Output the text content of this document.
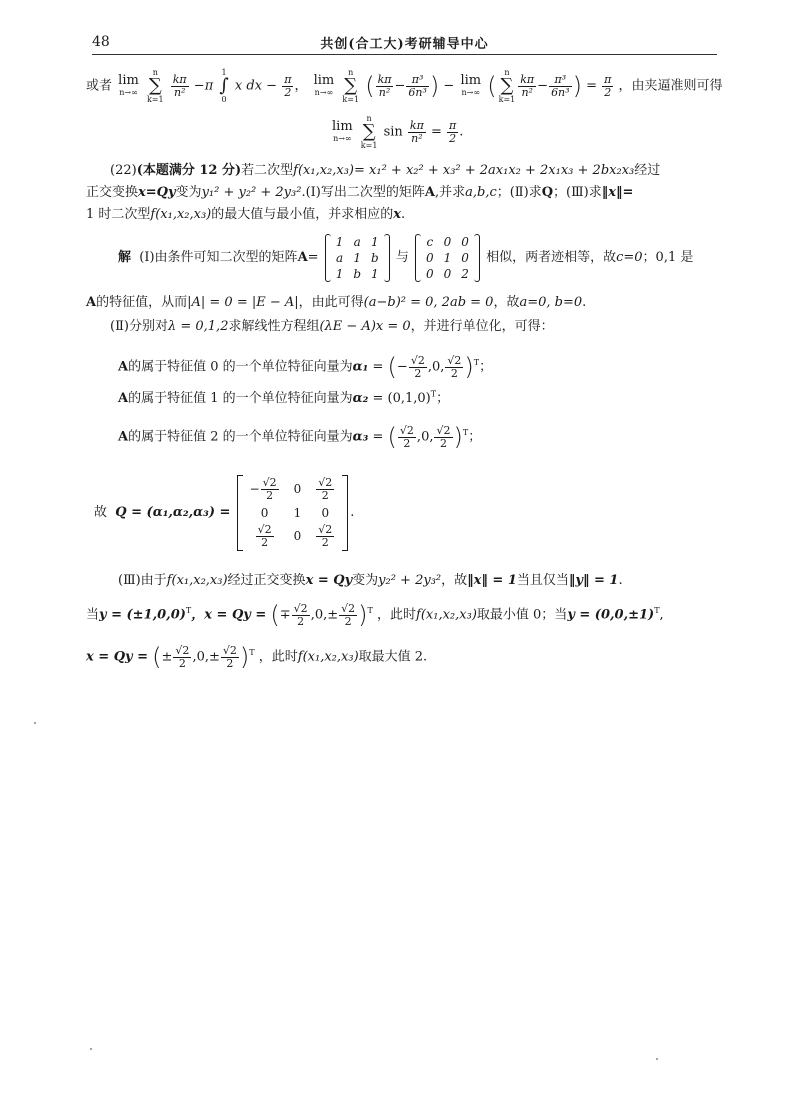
48	共创(合工大)考研辅导中心
或者 lim
n→∞ n
∑
k=1
$\frac{k\pi}{\text{n²}} -\pi$ 1
∫
0 x dx − $\frac{\pi}{2}$ ， lim
n→∞ n
∑
k=1 ( $\frac{k\pi}{\text{n²}} - \frac{\text{π³}}{\text{6n³}}$ ) − lim
n→∞ ( n
∑
k=1
$\frac{k\pi}{\text{n²}} - \frac{\text{π³}}{\text{6n³}}$ ) = $\frac{\pi}{2}$ ，由夹逼准则可得
lim
n→∞ n
∑
k=1 $\sin \frac{k\pi}{\text{n²}} = \frac{\pi}{2}$ .
(22)(本题满分 12 分)若二次型f(x₁,x₂,x₃)= x₁² + x₂² + x₃² + 2ax₁x₂ + 2x₁x₃ + 2bx₂x₃经过
正交变换x=Qy变为y₁² + y₂² + 2y₃².(Ⅰ)写出二次型的矩阵A,并求a,b,c；(Ⅱ)求Q；(Ⅲ)求‖x‖=
1 时二次型f(x₁,x₂,x₃)的最大值与最小值，并求相应的x.
解 (Ⅰ)由条件可知二次型的矩阵A=
1	a	1
a	1	b
1	b	1
与
c	0	0
0	1	0
0	0	2
相似，两者迹相等，故c=0；0,1 是
A的特征值，从而|A| = 0 = |E − A|，由此可得(a−b)² = 0, 2ab = 0，故a=0, b=0.
(Ⅱ)分别对λ = 0,1,2求解线性方程组(λE − A)x = 0，并进行单位化，可得：
A的属于特征值 0 的一个单位特征向量为α₁ = (− $\frac{√2}{2} ,0$, $\frac{√2}{2} )^T$；
A的属于特征值 1 的一个单位特征向量为$\alpha_2 = (0,1,0)^T$；
A的属于特征值 2 的一个单位特征向量为α₃ = ( $\frac{√2}{2} ,0$, $\frac{√2}{2} )^T$；
故 Q = (α₁,α₂,α₃) =
− $\frac{√2}{2}$	0	$\frac{√2}{2}$

0	1	0

$\frac{√2}{2}$	0	$\frac{√2}{2}$
.
(Ⅲ)由于f(x₁,x₂,x₃)经过正交变换x = Qy变为y₂² + 2y₃²，故‖x‖ = 1当且仅当‖y‖ = 1.
当$y = (\pm 1,0,0)^T$，x = Qy = (∓ $\frac{√2}{2} ,0,\pm \frac{√2}{2} )^T$ ，此时f(x₁,x₂,x₃)取最小值 0；当$y = (0,0,\pm 1)^T$,
x = Qy = (± $\frac{√2}{2} ,0,\pm \frac{√2}{2} )^T$ ，此时f(x₁,x₂,x₃)取最大值 2.
